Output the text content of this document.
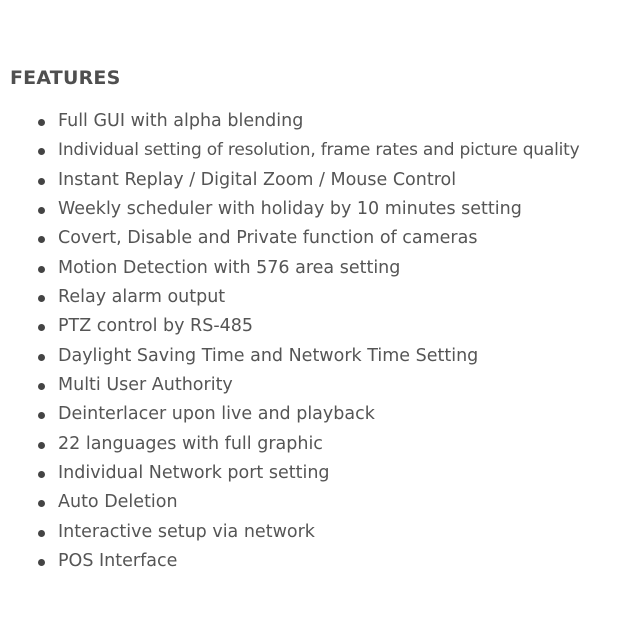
FEATURES
Full GUI with alpha blending
Individual setting of resolution, frame rates and picture quality
Instant Replay / Digital Zoom / Mouse Control
Weekly scheduler with holiday by 10 minutes setting
Covert, Disable and Private function of cameras
Motion Detection with 576 area setting
Relay alarm output
PTZ control by RS-485
Daylight Saving Time and Network Time Setting
Multi User Authority
Deinterlacer upon live and playback
22 languages with full graphic
Individual Network port setting
Auto Deletion
Interactive setup via network
POS Interface
